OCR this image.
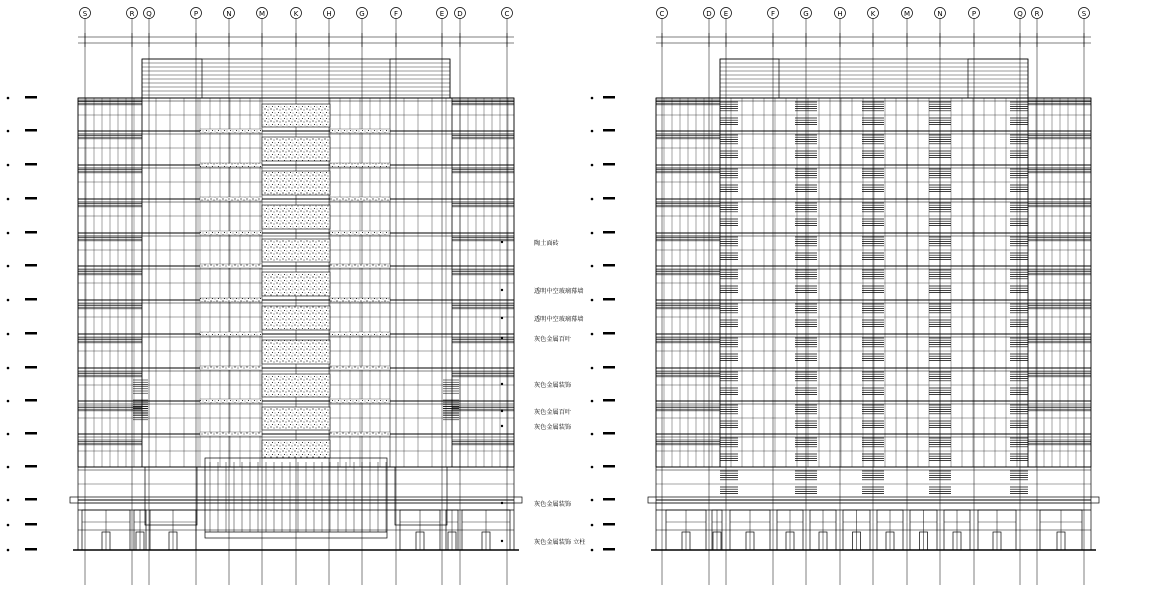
S	R Q	P	N	M	K	H	G	F	E D	C	C	D E	F	G	H	K	M	N	P	Q R	S
陶土面砖
透明中空玻璃幕墙
透明中空玻璃幕墙
灰色金属百叶
灰色金属装饰
灰色金属百叶
灰色金属装饰
灰色金属装饰
灰色金属装饰 立柱
